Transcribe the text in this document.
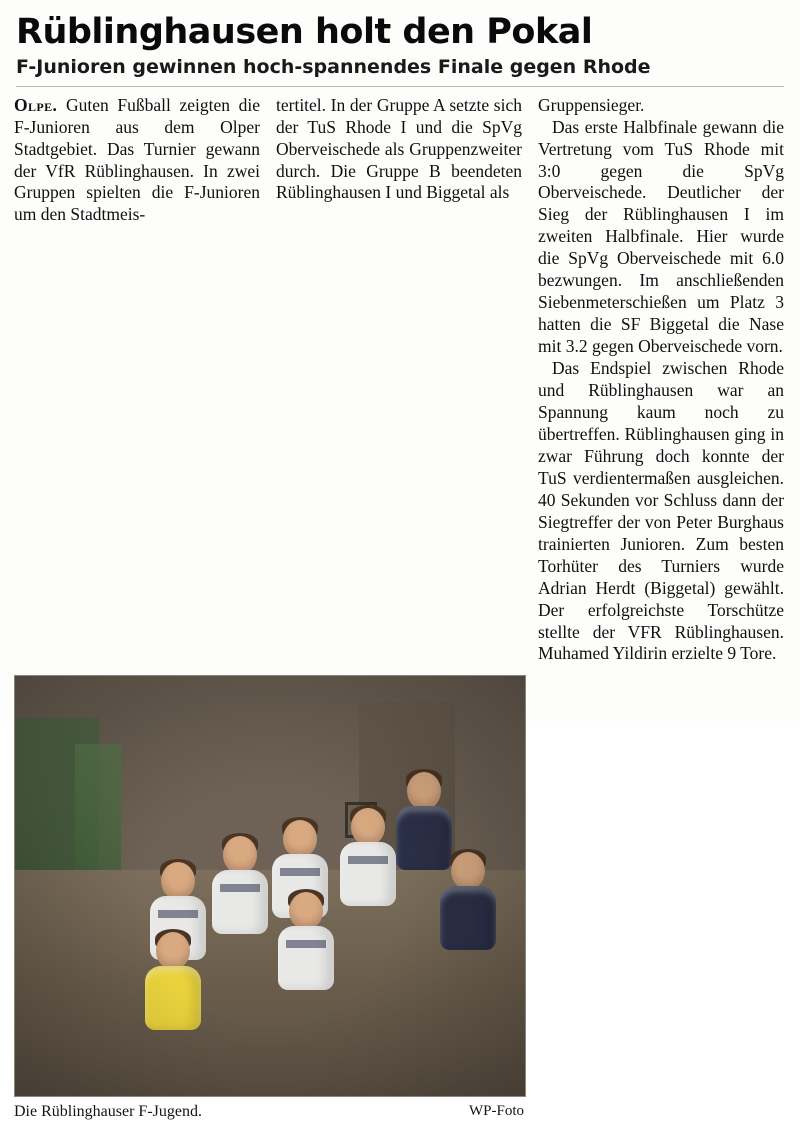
Rüblinghausen holt den Pokal
F-Junioren gewinnen hoch-spannendes Finale gegen Rhode

Olpe. Guten Fußball zeigten die F-Junioren aus dem Olper Stadtgebiet. Das Turnier gewann der VfR Rüblinghausen. In zwei Gruppen spielten die F-Junioren um den Stadtmeis-

tertitel. In der Gruppe A setzte sich der TuS Rhode I und die SpVg Oberveischede als Gruppenzweiter durch. Die Gruppe B beendeten Rüblinghausen I und Biggetal als

Gruppensieger.

Das erste Halbfinale gewann die Vertretung vom TuS Rhode mit 3:0 gegen die SpVg Oberveischede. Deutlicher der Sieg der Rüblinghausen I im zweiten Halbfinale. Hier wurde die SpVg Oberveischede mit 6.0 bezwungen. Im anschließenden Siebenmeterschießen um Platz 3 hatten die SF Biggetal die Nase mit 3.2 gegen Oberveischede vorn.

Das Endspiel zwischen Rhode und Rüblinghausen war an Spannung kaum noch zu übertreffen. Rüblinghausen ging in zwar Führung doch konnte der TuS verdientermaßen ausgleichen. 40 Sekunden vor Schluss dann der Siegtreffer der von Peter Burghaus trainierten Junioren. Zum besten Torhüter des Turniers wurde Adrian Herdt (Biggetal) gewählt. Der erfolgreichste Torschütze stellte der VFR Rüblinghausen. Muhamed Yildirin erzielte 9 Tore.

Die Rüblinghauser F-Jugend.	WP-Foto
